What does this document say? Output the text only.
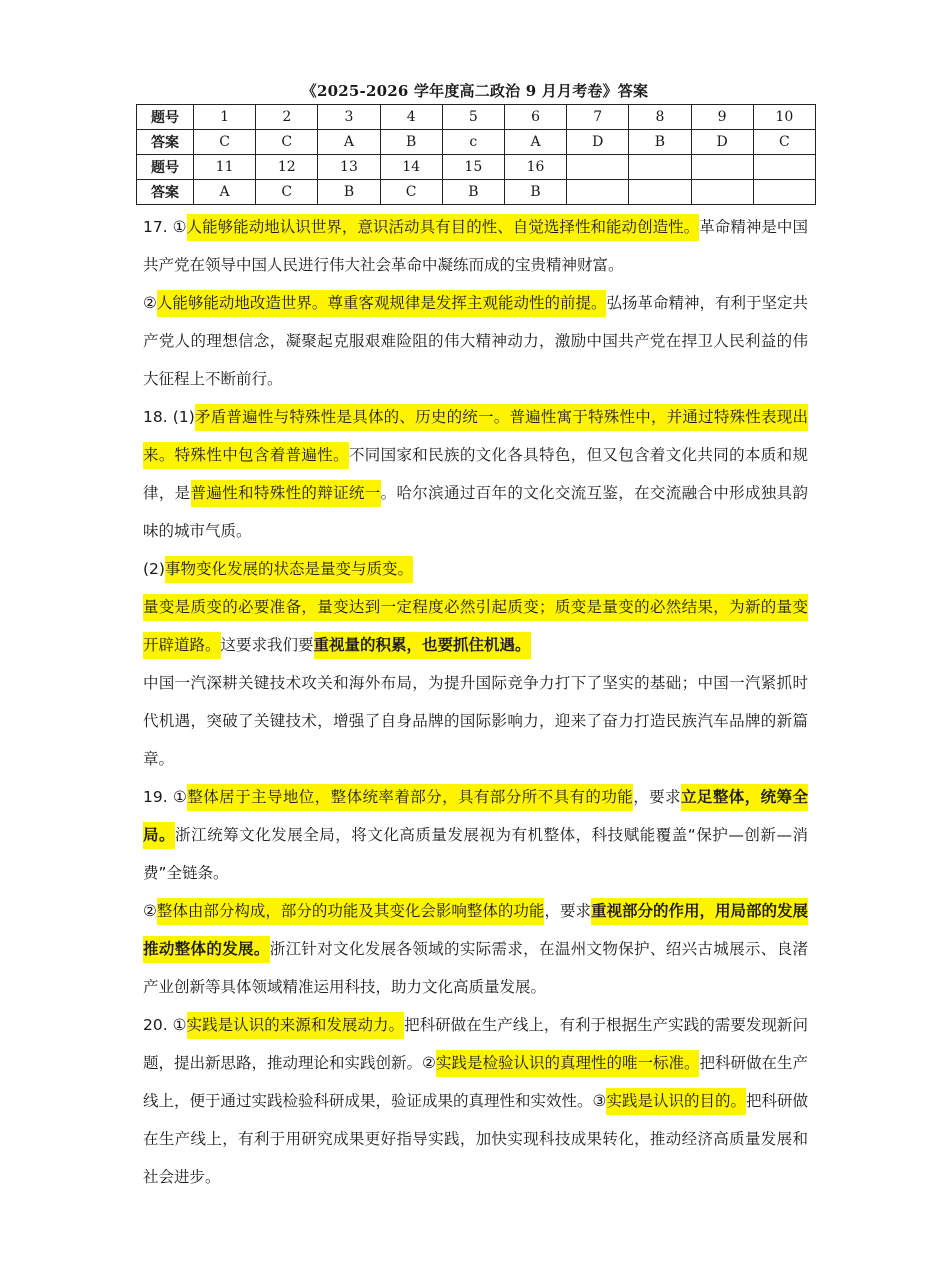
《2025-2026 学年度高二政治 9 月月考卷》答案
题号	1	2	3	4	5	6	7	8	9	10
答案	C	C	A	B	c	A	D	B	D	C
题号	11	12	13	14	15	16				
答案	A	C	B	C	B	B				

17. ①人能够能动地认识世界，意识活动具有目的性、自觉选择性和能动创造性。革命精神是中国共产党在领导中国人民进行伟大社会革命中凝练而成的宝贵精神财富。

②人能够能动地改造世界。尊重客观规律是发挥主观能动性的前提。弘扬革命精神，有利于坚定共产党人的理想信念，凝聚起克服艰难险阻的伟大精神动力，激励中国共产党在捍卫人民利益的伟大征程上不断前行。

18. (1)矛盾普遍性与特殊性是具体的、历史的统一。普遍性寓于特殊性中，并通过特殊性表现出来。特殊性中包含着普遍性。不同国家和民族的文化各具特色，但又包含着文化共同的本质和规律，是普遍性和特殊性的辩证统一。哈尔滨通过百年的文化交流互鉴，在交流融合中形成独具韵味的城市气质。

(2)事物变化发展的状态是量变与质变。

量变是质变的必要准备，量变达到一定程度必然引起质变；质变是量变的必然结果，为新的量变开辟道路。这要求我们要重视量的积累，也要抓住机遇。

中国一汽深耕关键技术攻关和海外布局，为提升国际竞争力打下了坚实的基础；中国一汽紧抓时代机遇，突破了关键技术，增强了自身品牌的国际影响力，迎来了奋力打造民族汽车品牌的新篇章。

19. ①整体居于主导地位，整体统率着部分，具有部分所不具有的功能，要求立足整体，统筹全局。浙江统筹文化发展全局，将文化高质量发展视为有机整体，科技赋能覆盖“保护—创新—消费”全链条。

②整体由部分构成，部分的功能及其变化会影响整体的功能，要求重视部分的作用，用局部的发展推动整体的发展。浙江针对文化发展各领域的实际需求，在温州文物保护、绍兴古城展示、良渚产业创新等具体领域精准运用科技，助力文化高质量发展。

20. ①实践是认识的来源和发展动力。把科研做在生产线上，有利于根据生产实践的需要发现新问题，提出新思路，推动理论和实践创新。②实践是检验认识的真理性的唯一标准。把科研做在生产线上，便于通过实践检验科研成果，验证成果的真理性和实效性。③实践是认识的目的。把科研做在生产线上，有利于用研究成果更好指导实践，加快实现科技成果转化，推动经济高质量发展和社会进步。
